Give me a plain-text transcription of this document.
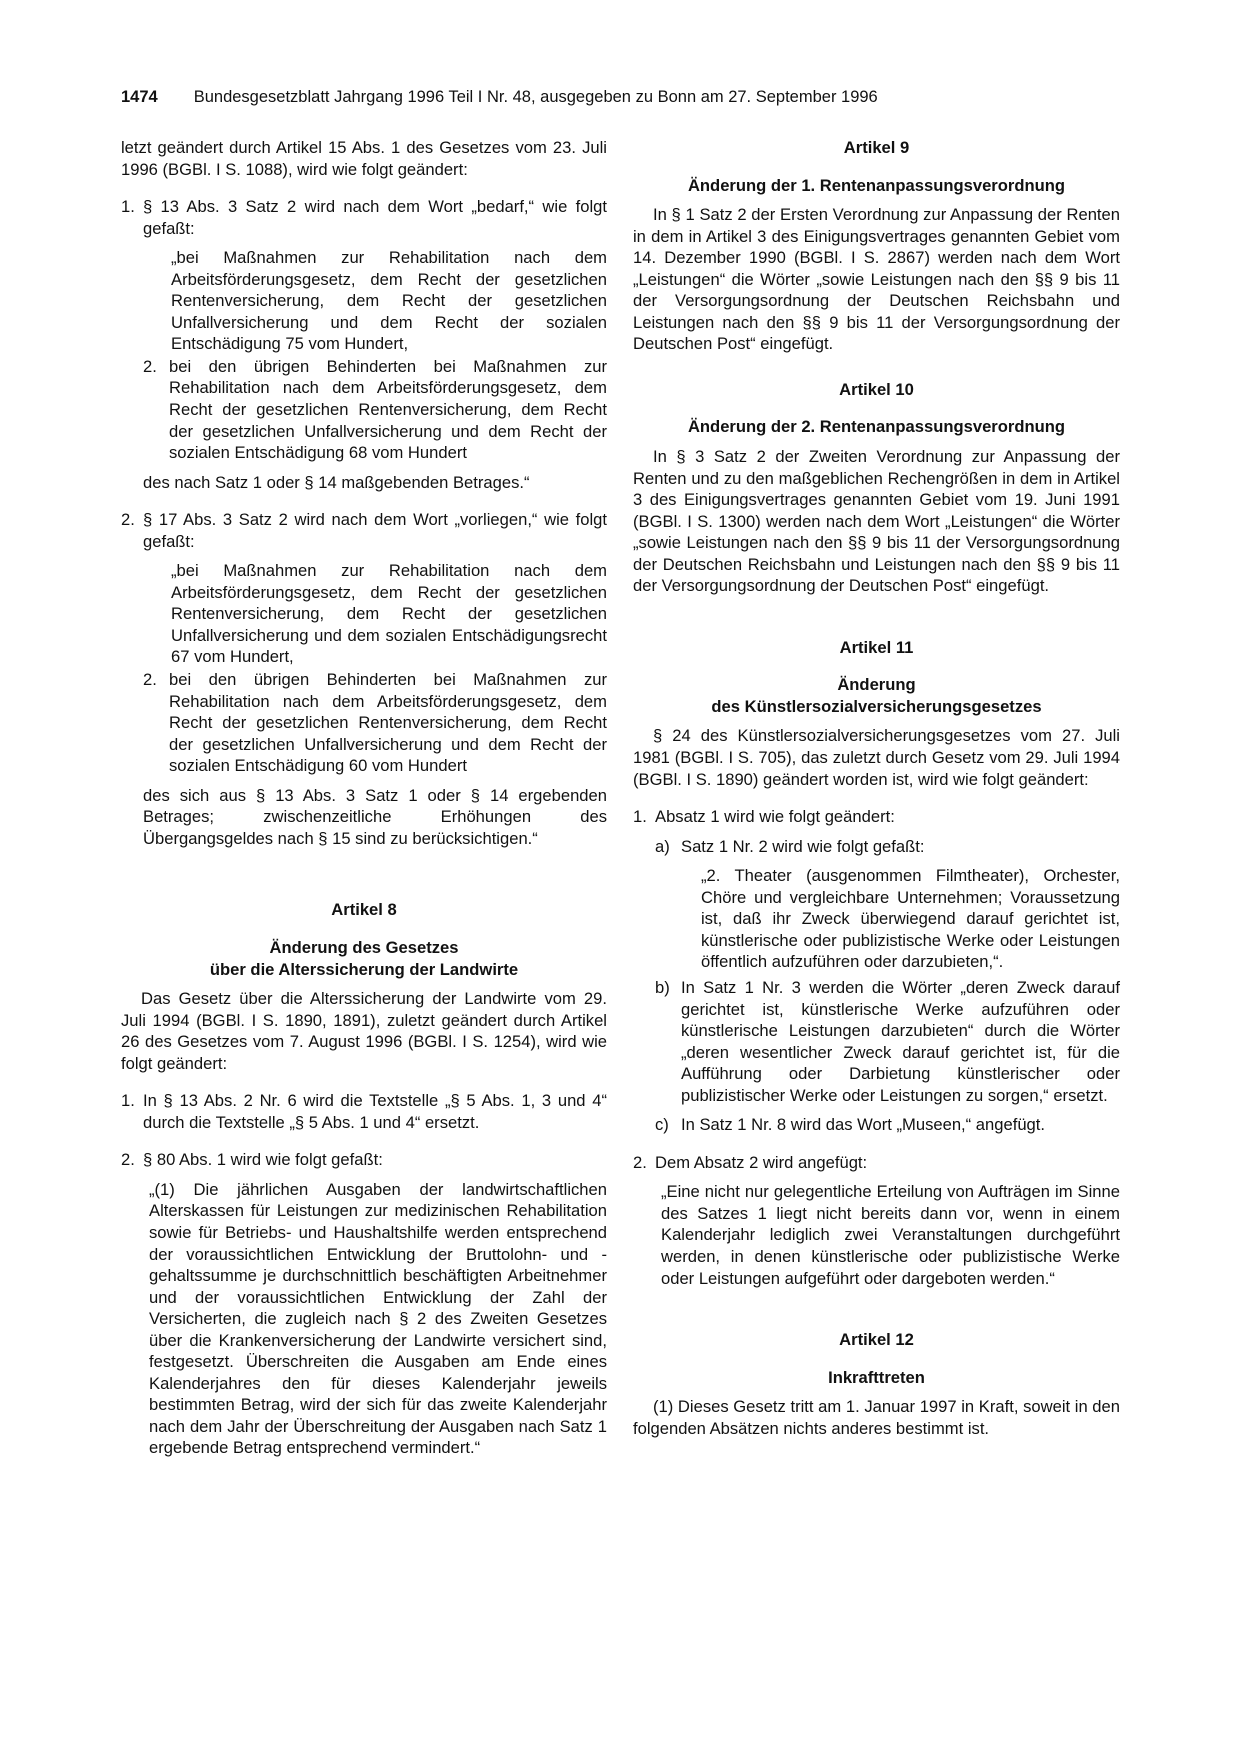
1474 Bundesgesetzblatt Jahrgang 1996 Teil I Nr. 48, ausgegeben zu Bonn am 27. September 1996

letzt geändert durch Artikel 15 Abs. 1 des Gesetzes vom 23. Juli 1996 (BGBl. I S. 1088), wird wie folgt geändert:

1. § 13 Abs. 3 Satz 2 wird nach dem Wort „bedarf,“ wie folgt gefaßt:

„bei Maßnahmen zur Rehabilitation nach dem Arbeitsförderungsgesetz, dem Recht der gesetzlichen Rentenversicherung, dem Recht der gesetzlichen Unfallversicherung und dem Recht der sozialen Entschädigung 75 vom Hundert,

2. bei den übrigen Behinderten bei Maßnahmen zur Rehabilitation nach dem Arbeitsförderungsgesetz, dem Recht der gesetzlichen Rentenversicherung, dem Recht der gesetzlichen Unfallversicherung und dem Recht der sozialen Entschädigung 68 vom Hundert

des nach Satz 1 oder § 14 maßgebenden Betrages.“

2. § 17 Abs. 3 Satz 2 wird nach dem Wort „vorliegen,“ wie folgt gefaßt:

„bei Maßnahmen zur Rehabilitation nach dem Arbeitsförderungsgesetz, dem Recht der gesetzlichen Rentenversicherung, dem Recht der gesetzlichen Unfallversicherung und dem sozialen Entschädigungsrecht 67 vom Hundert,

2. bei den übrigen Behinderten bei Maßnahmen zur Rehabilitation nach dem Arbeitsförderungsgesetz, dem Recht der gesetzlichen Rentenversicherung, dem Recht der gesetzlichen Unfallversicherung und dem Recht der sozialen Entschädigung 60 vom Hundert

des sich aus § 13 Abs. 3 Satz 1 oder § 14 ergebenden Betrages; zwischenzeitliche Erhöhungen des Übergangsgeldes nach § 15 sind zu berücksichtigen.“

Artikel 8

Änderung des Gesetzes

über die Alterssicherung der Landwirte

Das Gesetz über die Alterssicherung der Landwirte vom 29. Juli 1994 (BGBl. I S. 1890, 1891), zuletzt geändert durch Artikel 26 des Gesetzes vom 7. August 1996 (BGBl. I S. 1254), wird wie folgt geändert:

1. In § 13 Abs. 2 Nr. 6 wird die Textstelle „§ 5 Abs. 1, 3 und 4“ durch die Textstelle „§ 5 Abs. 1 und 4“ ersetzt.

2. § 80 Abs. 1 wird wie folgt gefaßt:

„(1) Die jährlichen Ausgaben der landwirtschaftlichen Alterskassen für Leistungen zur medizinischen Rehabilitation sowie für Betriebs- und Haushaltshilfe werden entsprechend der voraussichtlichen Entwicklung der Bruttolohn- und -gehaltssumme je durchschnittlich beschäftigten Arbeitnehmer und der voraussichtlichen Entwicklung der Zahl der Versicherten, die zugleich nach § 2 des Zweiten Gesetzes über die Krankenversicherung der Landwirte versichert sind, festgesetzt. Überschreiten die Ausgaben am Ende eines Kalenderjahres den für dieses Kalenderjahr jeweils bestimmten Betrag, wird der sich für das zweite Kalenderjahr nach dem Jahr der Überschreitung der Ausgaben nach Satz 1 ergebende Betrag entsprechend vermindert.“

Artikel 9

Änderung der 1. Rentenanpassungsverordnung

In § 1 Satz 2 der Ersten Verordnung zur Anpassung der Renten in dem in Artikel 3 des Einigungsvertrages genannten Gebiet vom 14. Dezember 1990 (BGBl. I S. 2867) werden nach dem Wort „Leistungen“ die Wörter „sowie Leistungen nach den §§ 9 bis 11 der Versorgungsordnung der Deutschen Reichsbahn und Leistungen nach den §§ 9 bis 11 der Versorgungsordnung der Deutschen Post“ eingefügt.

Artikel 10

Änderung der 2. Rentenanpassungsverordnung

In § 3 Satz 2 der Zweiten Verordnung zur Anpassung der Renten und zu den maßgeblichen Rechengrößen in dem in Artikel 3 des Einigungsvertrages genannten Gebiet vom 19. Juni 1991 (BGBl. I S. 1300) werden nach dem Wort „Leistungen“ die Wörter „sowie Leistungen nach den §§ 9 bis 11 der Versorgungsordnung der Deutschen Reichsbahn und Leistungen nach den §§ 9 bis 11 der Versorgungsordnung der Deutschen Post“ eingefügt.

Artikel 11

Änderung

des Künstlersozialversicherungsgesetzes

§ 24 des Künstlersozialversicherungsgesetzes vom 27. Juli 1981 (BGBl. I S. 705), das zuletzt durch Gesetz vom 29. Juli 1994 (BGBl. I S. 1890) geändert worden ist, wird wie folgt geändert:

1. Absatz 1 wird wie folgt geändert:

a) Satz 1 Nr. 2 wird wie folgt gefaßt:

„2. Theater (ausgenommen Filmtheater), Orchester, Chöre und vergleichbare Unternehmen; Voraussetzung ist, daß ihr Zweck überwiegend darauf gerichtet ist, künstlerische oder publizistische Werke oder Leistungen öffentlich aufzuführen oder darzubieten,“.

b) In Satz 1 Nr. 3 werden die Wörter „deren Zweck darauf gerichtet ist, künstlerische Werke aufzuführen oder künstlerische Leistungen darzubieten“ durch die Wörter „deren wesentlicher Zweck darauf gerichtet ist, für die Aufführung oder Darbietung künstlerischer oder publizistischer Werke oder Leistungen zu sorgen,“ ersetzt.

c) In Satz 1 Nr. 8 wird das Wort „Museen,“ angefügt.

2. Dem Absatz 2 wird angefügt:

„Eine nicht nur gelegentliche Erteilung von Aufträgen im Sinne des Satzes 1 liegt nicht bereits dann vor, wenn in einem Kalenderjahr lediglich zwei Veranstaltungen durchgeführt werden, in denen künstlerische oder publizistische Werke oder Leistungen aufgeführt oder dargeboten werden.“

Artikel 12

Inkrafttreten

(1) Dieses Gesetz tritt am 1. Januar 1997 in Kraft, soweit in den folgenden Absätzen nichts anderes bestimmt ist.
